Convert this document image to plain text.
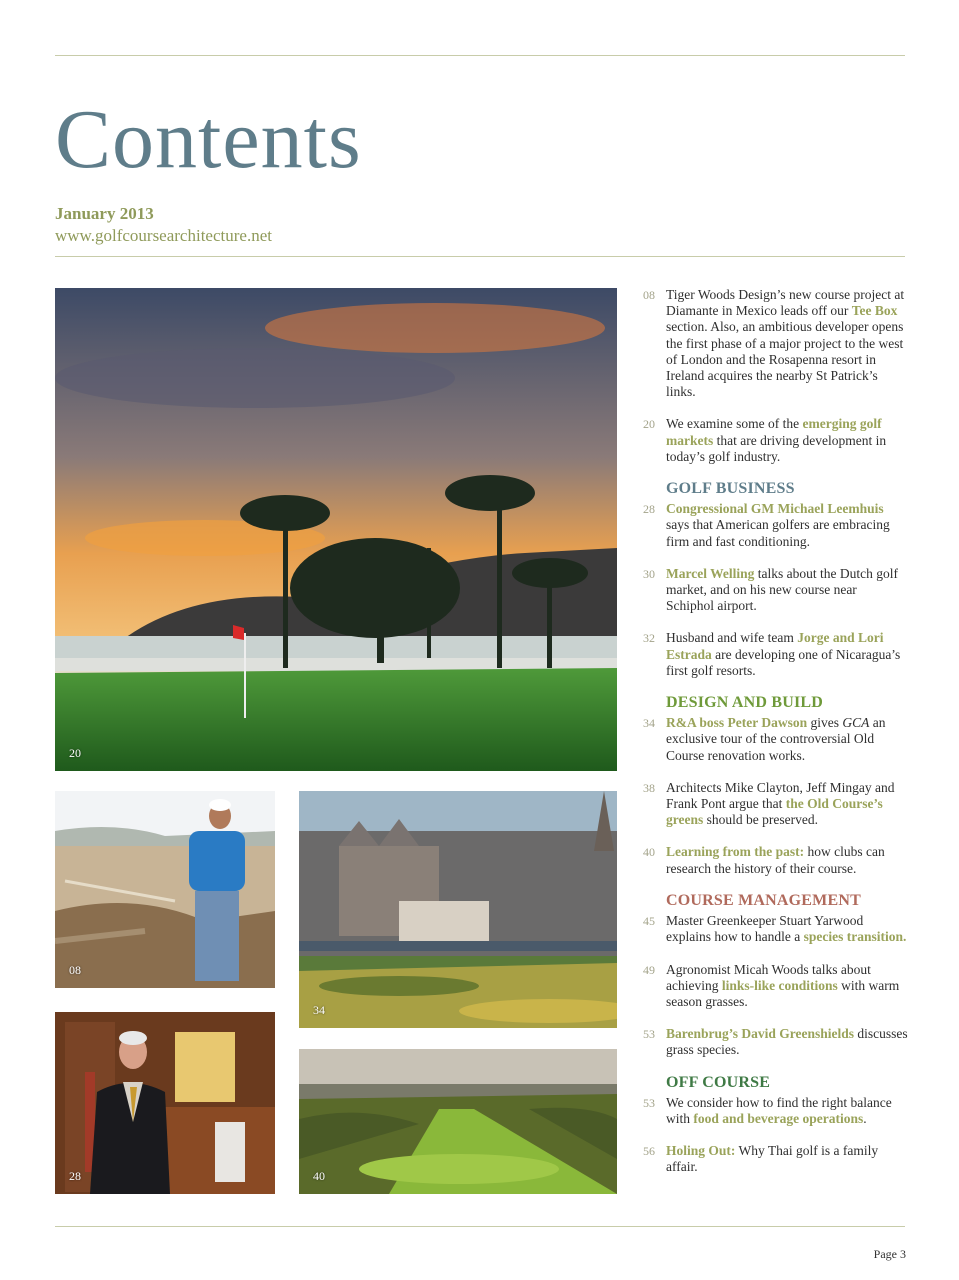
Contents
January 2013
www.golfcoursearchitecture.net
20
08
34
28	40
08 Tiger Woods Design’s new course project at Diamante in Mexico leads off our Tee Box section. Also, an ambitious developer opens the first phase of a major project to the west of London and the Rosapenna resort in Ireland acquires the nearby St Patrick’s links.
20 We examine some of the emerging golf markets that are driving development in today’s golf industry.
GOLF BUSINESS
28 Congressional GM Michael Leemhuis says that American golfers are embracing firm and fast conditioning.
30 Marcel Welling talks about the Dutch golf market, and on his new course near Schiphol airport.
32 Husband and wife team Jorge and Lori Estrada are developing one of Nicaragua’s first golf resorts.
DESIGN AND BUILD
34 R&A boss Peter Dawson gives GCA an exclusive tour of the controversial Old Course renovation works.
38 Architects Mike Clayton, Jeff Mingay and Frank Pont argue that the Old Course’s greens should be preserved.
40 Learning from the past: how clubs can research the history of their course.
COURSE MANAGEMENT
45 Master Greenkeeper Stuart Yarwood explains how to handle a species transition.
49 Agronomist Micah Woods talks about achieving links-like conditions with warm season grasses.
53 Barenbrug’s David Greenshields discusses grass species.
OFF COURSE
53 We consider how to find the right balance with food and beverage operations.
56 Holing Out: Why Thai golf is a family affair.
Page 3
